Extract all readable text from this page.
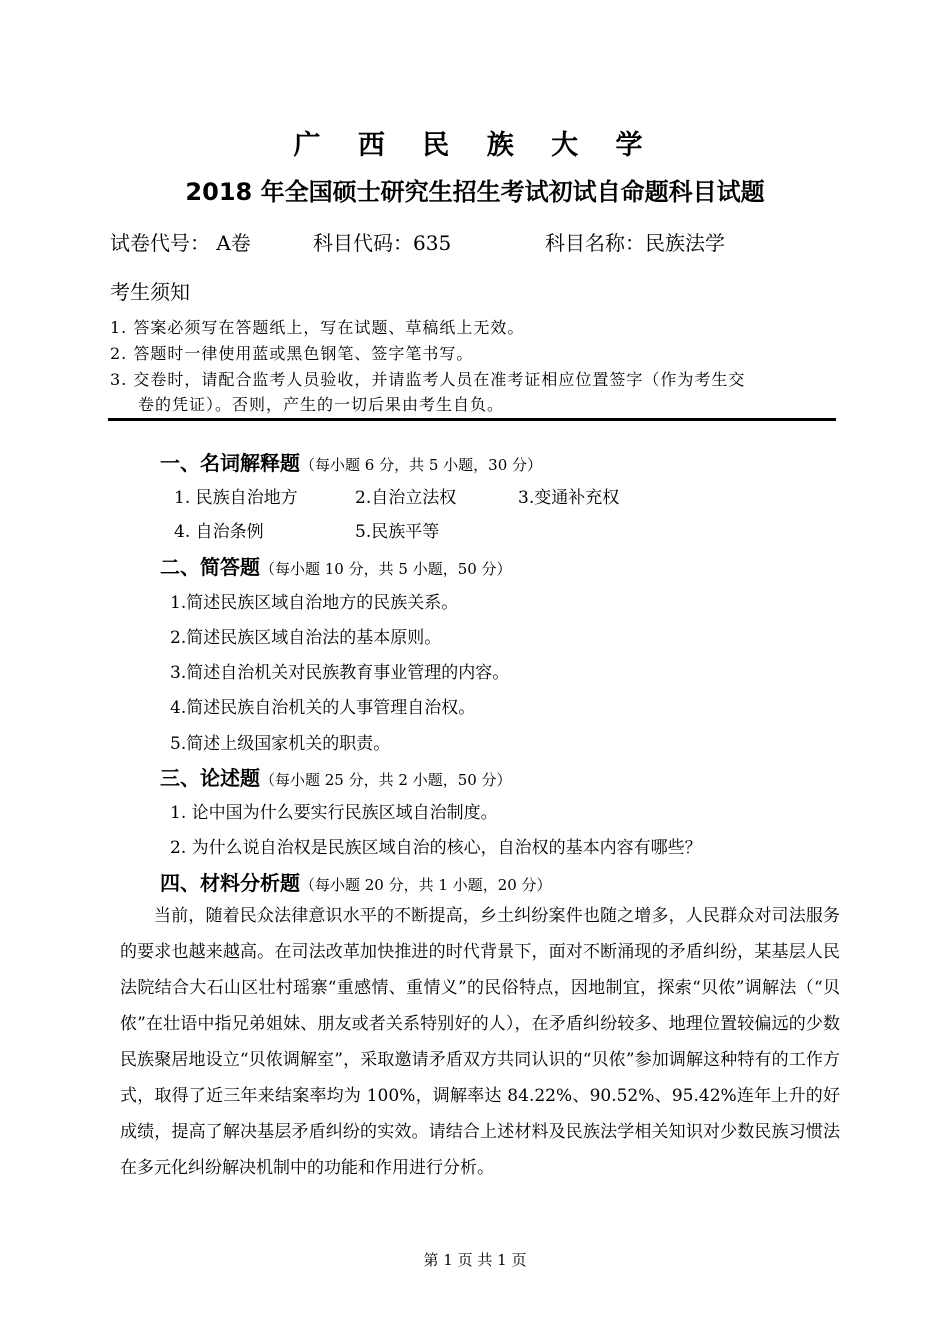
广 西 民 族 大 学
2018 年全国硕士研究生招生考试初试自命题科目试题
试卷代号： A卷	科目代码：635	科目名称：民族法学
考生须知
1. 答案必须写在答题纸上，写在试题、草稿纸上无效。
2. 答题时一律使用蓝或黑色钢笔、签字笔书写。
3. 交卷时，请配合监考人员验收，并请监考人员在准考证相应位置签字（作为考生交
卷的凭证）。否则，产生的一切后果由考生自负。
一、名词解释题（每小题 6 分，共 5 小题，30 分）
1. 民族自治地方	2.自治立法权	3.变通补充权
4. 自治条例	5.民族平等
二、简答题（每小题 10 分，共 5 小题，50 分）
1.简述民族区域自治地方的民族关系。
2.简述民族区域自治法的基本原则。
3.简述自治机关对民族教育事业管理的内容。
4.简述民族自治机关的人事管理自治权。
5.简述上级国家机关的职责。
三、论述题（每小题 25 分，共 2 小题，50 分）
1. 论中国为什么要实行民族区域自治制度。
2. 为什么说自治权是民族区域自治的核心，自治权的基本内容有哪些？
四、材料分析题（每小题 20 分，共 1 小题，20 分）

当前，随着民众法律意识水平的不断提高，乡土纠纷案件也随之增多，人民群众对司法服务的要求也越来越高。在司法改革加快推进的时代背景下，面对不断涌现的矛盾纠纷，某基层人民法院结合大石山区壮村瑶寨“重感情、重情义”的民俗特点，因地制宜，探索“贝侬”调解法（“贝侬”在壮语中指兄弟姐妹、朋友或者关系特别好的人），在矛盾纠纷较多、地理位置较偏远的少数民族聚居地设立“贝侬调解室”，采取邀请矛盾双方共同认识的“贝侬”参加调解这种特有的工作方式，取得了近三年来结案率均为 100%，调解率达 84.22%、90.52%、95.42%连年上升的好成绩，提高了解决基层矛盾纠纷的实效。请结合上述材料及民族法学相关知识对少数民族习惯法在多元化纠纷解决机制中的功能和作用进行分析。

第 1 页 共 1 页
